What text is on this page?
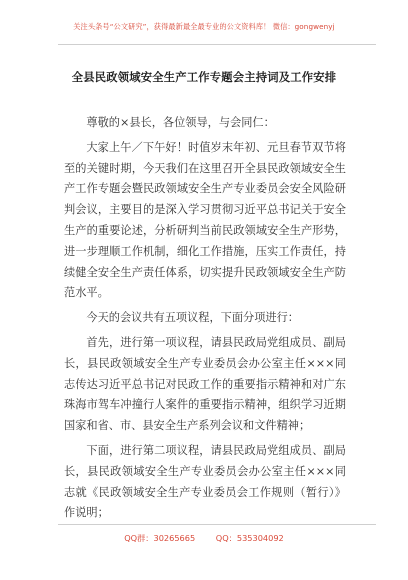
关注头条号“公文研究”，获得最新最全最专业的公文资料库！ 微信：gongwenyj
全县民政领域安全生产工作专题会主持词及工作安排

尊敬的×县长，各位领导，与会同仁：

大家上午／下午好！时值岁末年初、元旦春节双节将至的关键时期，今天我们在这里召开全县民政领域安全生产工作专题会暨民政领域安全生产专业委员会安全风险研判会议，主要目的是深入学习贯彻习近平总书记关于安全生产的重要论述，分析研判当前民政领域安全生产形势，进一步理顺工作机制，细化工作措施，压实工作责任，持续健全安全生产责任体系，切实提升民政领域安全生产防范水平。

今天的会议共有五项议程，下面分项进行：

首先，进行第一项议程，请县民政局党组成员、副局长，县民政领域安全生产专业委员会办公室主任×××同志传达习近平总书记对民政工作的重要指示精神和对广东珠海市驾车冲撞行人案件的重要指示精神，组织学习近期国家和省、市、县安全生产系列会议和文件精神；

下面，进行第二项议程，请县民政局党组成员、副局长，县民政领域安全生产专业委员会办公室主任×××同志就《民政领域安全生产专业委员会工作规则（暂行）》作说明；

QQ群：30265665	QQ：535304092
